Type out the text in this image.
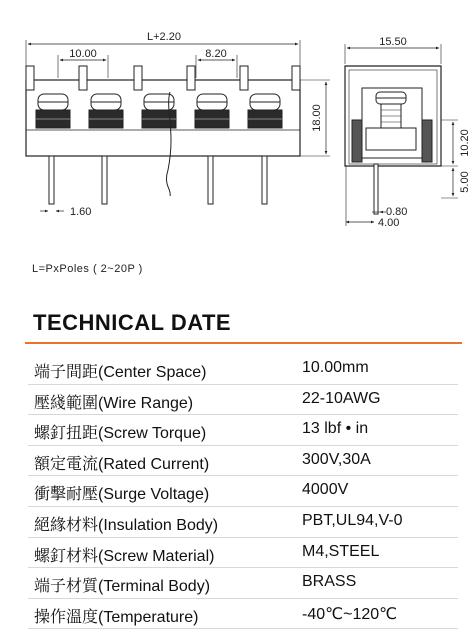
L+2.20
10.00	8.20
18.00
1.60
15.50
10.20
5.00
0.80
4.00
L=PxPoles ( 2~20P )
TECHNICAL DATE
端子間距(Center Space)	10.00mm
壓綫範圍(Wire Range)	22-10AWG
螺釘扭距(Screw Torque)	13 lbf • in
額定電流(Rated Current)	300V,30A
衝擊耐壓(Surge Voltage)	4000V
絕緣材料(Insulation Body)	PBT,UL94,V-0
螺釘材料(Screw Material)	M4,STEEL
端子材質(Terminal Body)	BRASS
操作溫度(Temperature)	-40℃~120℃
